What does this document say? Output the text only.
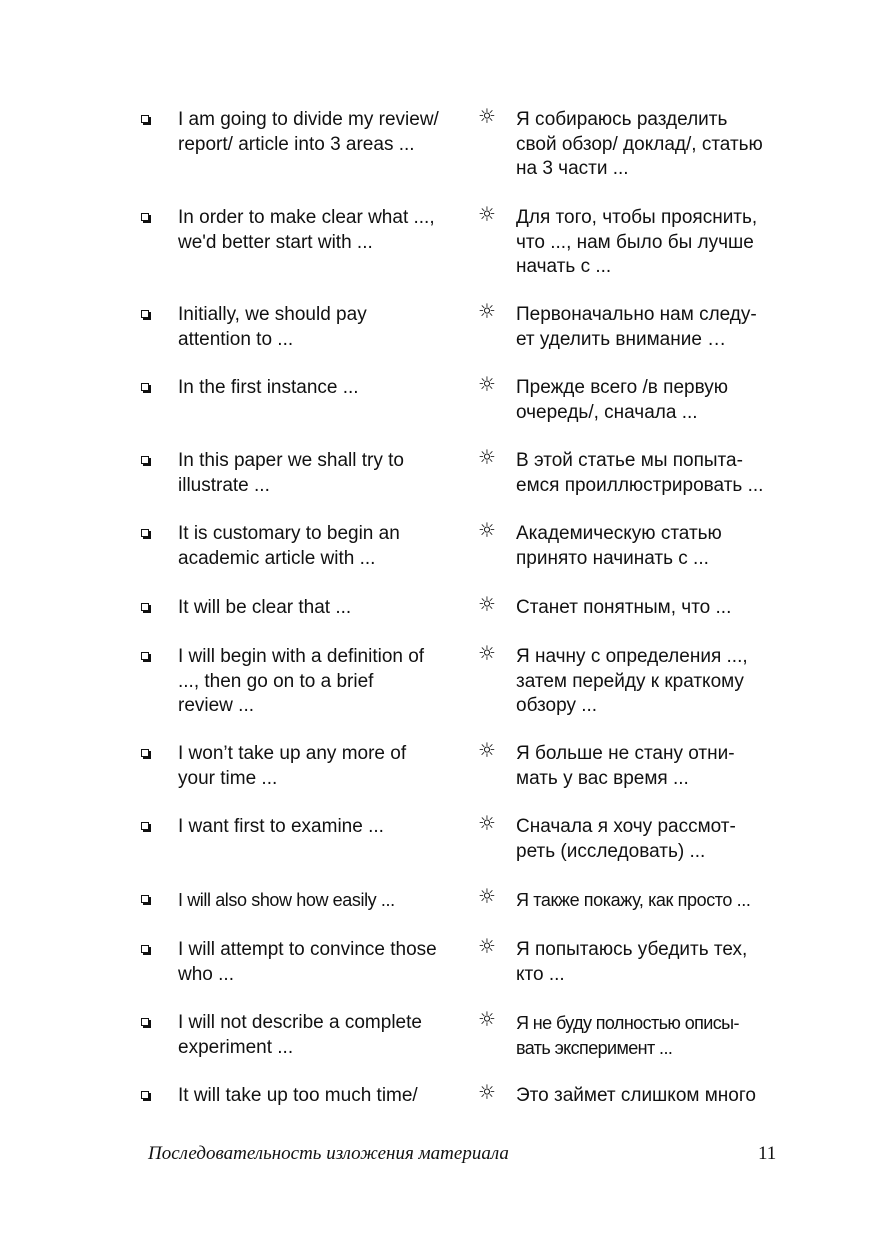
I am going to divide my review/
report/ article into 3 areas ...
☼ Я собираюсь разделить
свой обзор/ доклад/, статью
на 3 части ...
In order to make clear what ...,
we'd better start with ...
☼ Для того, чтобы прояснить,
что ..., нам было бы лучше
начать с ...
Initially, we should pay
attention to ...
☼ Первоначально нам следу-
ет уделить внимание …
In the first instance ...	☼ Прежде всего /в первую
очередь/, сначала ...
In this paper we shall try to
illustrate ...
☼ В этой статье мы попыта-
емся проиллюстрировать ...
It is customary to begin an
academic article with ...
☼ Академическую статью
принято начинать с ...
It will be clear that ...	☼ Станет понятным, что ...
I will begin with a definition of
..., then go on to a brief
review ...
☼ Я начну с определения ...,
затем перейду к краткому
обзору ...
I won’t take up any more of
your time ...
☼ Я больше не стану отни-
мать у вас время ...
I want first to examine ...	☼ Сначала я хочу рассмот-
реть (исследовать) ...
I will also show how easily ...	☼ Я также покажу, как просто ...
I will attempt to convince those
who ...
☼ Я попытаюсь убедить тех,
кто ...
I will not describe a complete
experiment ...
☼ Я не буду полностью описы-
вать эксперимент ...
It will take up too much time/	☼ Это займет слишком много
Последовательность изложения материала	11
